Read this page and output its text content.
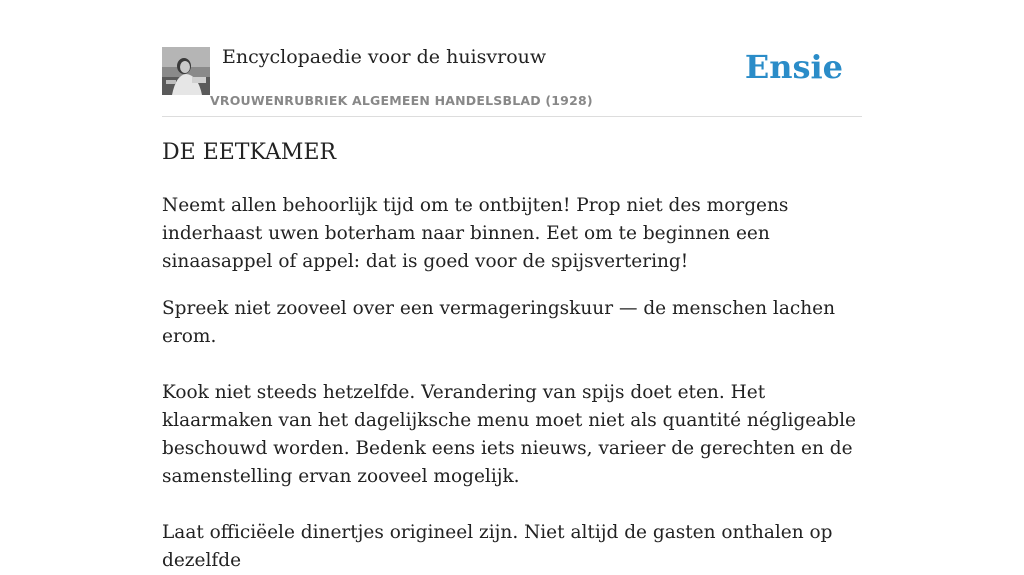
Encyclopaedie voor de huisvrouw
VROUWENRUBRIEK ALGEMEEN HANDELSBLAD (1928)
Ensie
DE EETKAMER

Neemt allen behoorlijk tijd om te ontbijten! Prop niet des morgens inderhaast uwen boterham naar binnen. Eet om te beginnen een sinaasappel of appel: dat is goed voor de spijsvertering!

Spreek niet zooveel over een vermageringskuur — de menschen lachen erom.

Kook niet steeds hetzelfde. Verandering van spijs doet eten. Het klaarmaken van het dagelijksche menu moet niet als quantité négligeable beschouwd worden. Bedenk eens iets nieuws, varieer de gerechten en de samenstelling ervan zooveel mogelijk.

Laat officiëele dinertjes origineel zijn. Niet altijd de gasten onthalen op dezelfde
